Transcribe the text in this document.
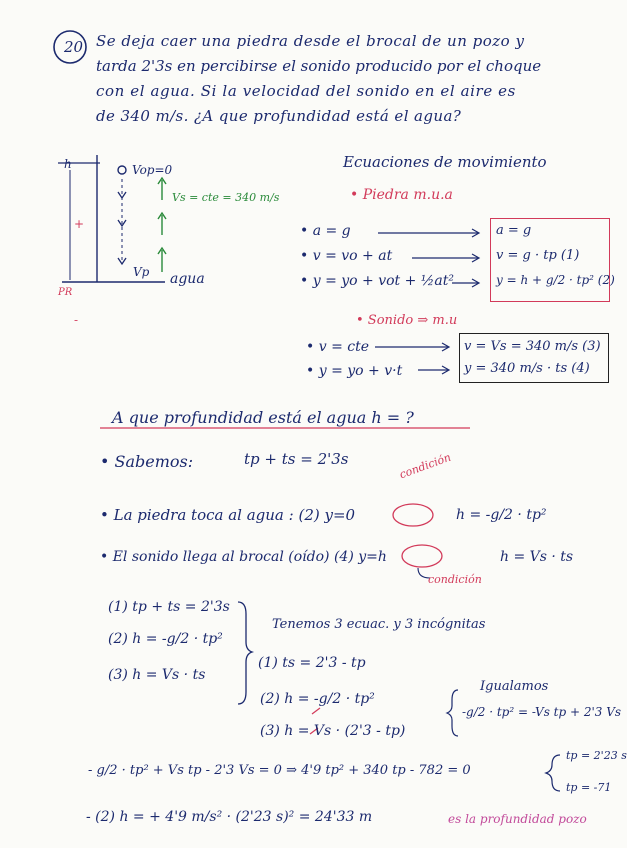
20 Se deja caer una piedra desde el brocal de un pozo y
tarda 2'3s en percibirse el sonido producido por el choque
con el agua. Si la velocidad del sonido en el aire es
de 340 m/s. ¿A que profundidad está el agua?
h	Vop=0
Vs = cte = 340 m/s
Vp agua
+
-
PR
Ecuaciones de movimiento
• Piedra m.u.a
• a = g
• v = vo + at
• y = yo + vot + ½at²
a = g
v = g · tp (1)
y = h + g/2 · tp² (2)
• Sonido ⇒ m.u
• v = cte
• y = yo + v·t
v = Vs = 340 m/s (3)
y = 340 m/s · ts (4)
A que profundidad está el agua h = ?
• Sabemos:	tp + ts = 2'3s	condición
• La piedra toca al agua : (2) y=0	h = -g/2 · tp²
• El sonido llega al brocal (oído) (4) y=h	h = Vs · ts
condición
(1) tp + ts = 2'3s
(2) h = -g/2 · tp²
(3) h = Vs · ts
Tenemos 3 ecuac. y 3 incógnitas
(1) ts = 2'3 - tp
(2) h = -g/2 · tp²
(3) h = Vs · (2'3 - tp)
Igualamos
-g/2 · tp² = -Vs tp + 2'3 Vs
- g/2 · tp² + Vs tp - 2'3 Vs = 0 ⇒ 4'9 tp² + 340 tp - 782 = 0
tp = 2'23 s
tp = -71
- (2) h = + 4'9 m/s² · (2'23 s)² = 24'33 m	es la profundidad pozo
